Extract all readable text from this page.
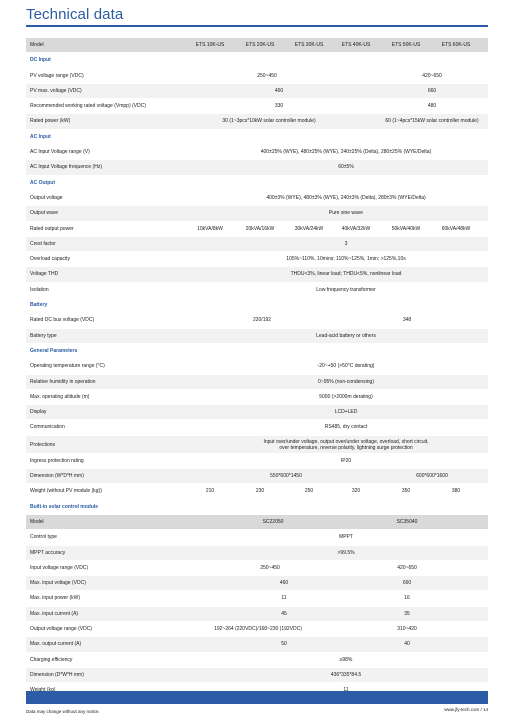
Technical data
Model	ETS 10K-US	ETS 20K-US	ETS 30K-US	ETS 40K-US	ETS 50K-US	ETS 60K-US
DC Input
PV voltage range (VDC)	250~450	420~650
PV max. voltage (VDC)	460	660
Recommended working rated voltage (Vmpp) (VDC)	330	480
Rated power (kW)	30 (1~3pcs*10kW solar controller module)	60 (1~4pcs*15kW solar controller module)
AC Input
AC Input Voltage range (V)	400±25% (WYE), 480±25% (WYE), 240±25% (Delta), 280±25% (WYE/Delta)
AC Input Voltage frequence (Hz)	60±5%
AC Output
Output voltage	400±3% (WYE), 480±3% (WYE), 240±3% (Delta), 280±3% (WYE/Delta)
Output wave	Pure sine wave
Rated output power	10kVA/8kW	20kVA/16kW	30kVA/24kW	40kVA/32kW	50kVA/40kW	60kVA/48kW
Crest factor	3
Overload capacity	105%~110%, 10mins; 110%~125%, 1min; >125%,10s
Voltage THD	THDU<3%, linear load; THDU<5%, nonlinear load
Isolation	Low frequency transformer
Battery
Rated DC bus voltage (VDC)	220/192	348
Battery type	Lead-acid battery or others
General Parameters
Operating temperature range (°C)	-20~+50 (>50°C derating)
Relative humidity in operation	0~95% (non-condensing)
Max. operating altitude (m)	5000 (>2000m derating)
Display	LCD+LED
Communication	RS485, dry contact
Protections	Input over/under voltage, output over/under voltage, overload, short circuit,
over temperature, reverse polarity, lightning surge protection
Ingress protection rating	IP20
Dimension (W*D*H mm)	550*600*1450	600*600*1600
Weight (without PV module (kg))	210	230	250	320	350	380
Built-in solar control module
Model	SC22050	SC35040
Control type	MPPT
MPPT accuracy	>99.5%
Input voltage range (VDC)	250~450	420~650
Max. input voltage (VDC)	460	660
Max. input power (kW)	11	16
Max. input current (A)	45	35
Output voltage range (VDC)	192~264 (220VDC)/168~230 (192VDC)	310~420
Max. output current (A)	50	40
Charging efficiency	≥98%
Dimension (D*W*H mm)	436*335*84.5
Data may change without any notice.	www.jfy-tech.com / 14
